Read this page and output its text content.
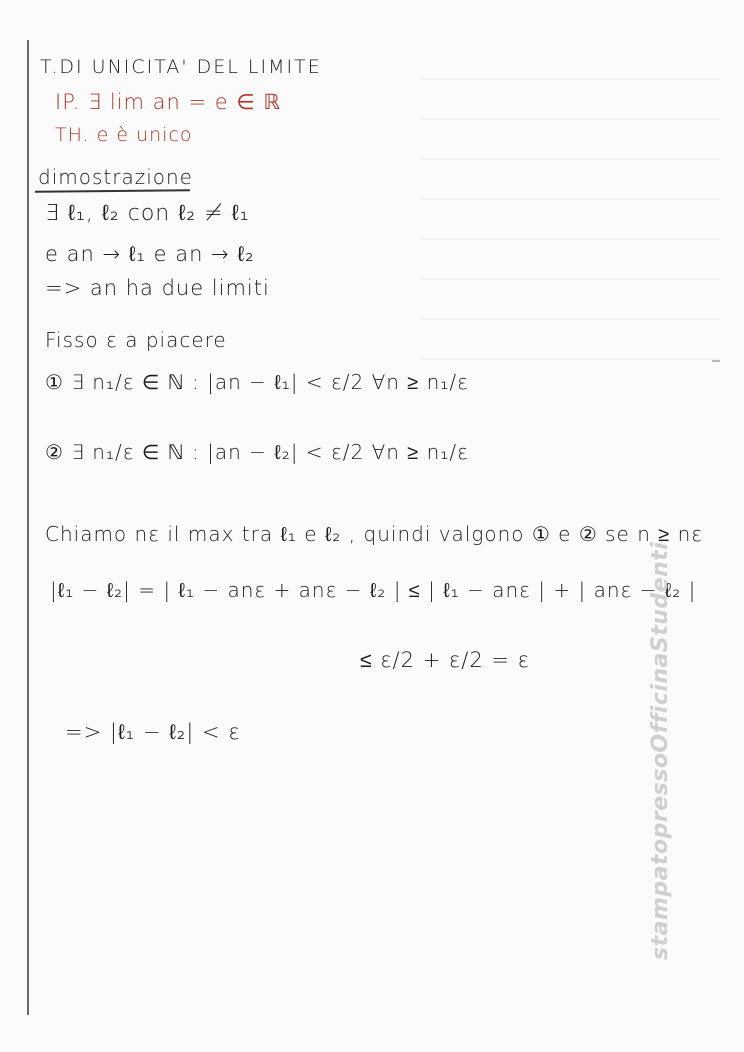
T.DI UNICITA' DEL LIMITE
IP. ∃ lim an = e ∈ ℝ
TH. e è unico
dimostrazione
∃ ℓ₁, ℓ₂ con ℓ₂ ≠ ℓ₁
e an → ℓ₁ e an → ℓ₂
=> an ha due limiti
Fisso ε a piacere
① ∃ n₁/ε ∈ ℕ : |an − ℓ₁| < ε/2 ∀n ≥ n₁/ε
② ∃ n₁/ε ∈ ℕ : |an − ℓ₂| < ε/2 ∀n ≥ n₁/ε
Chiamo nε il max tra ℓ₁ e ℓ₂ , quindi valgono ① e ② se n ≥ nε
|ℓ₁ − ℓ₂| = | ℓ₁ − anε + anε − ℓ₂ | ≤ | ℓ₁ − anε | + | anε − ℓ₂ |
≤ ε/2 + ε/2 = ε
=> |ℓ₁ − ℓ₂| < ε	stampatopressoOfficinaStudenti
